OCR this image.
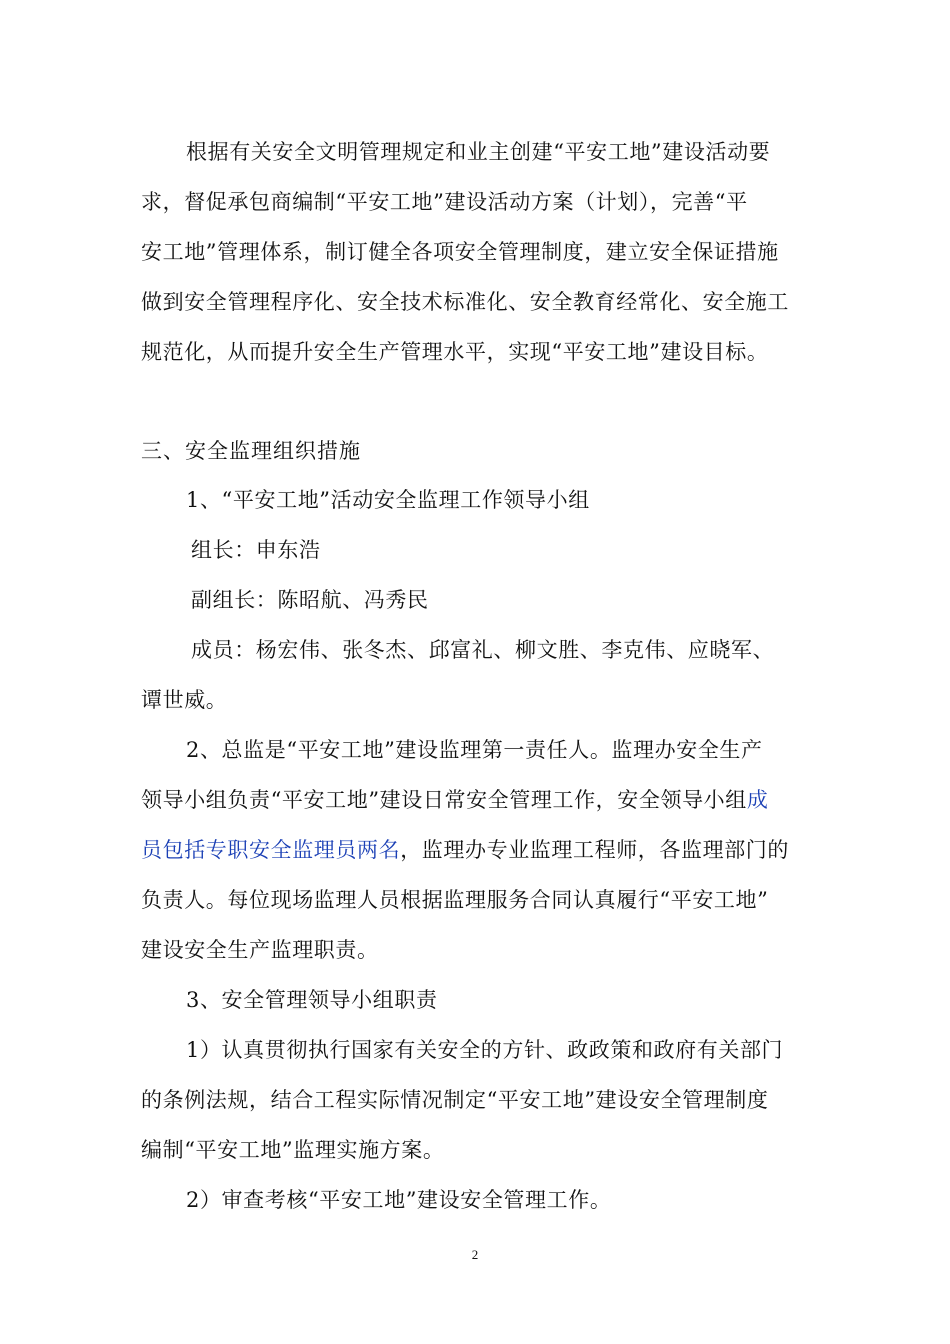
根据有关安全文明管理规定和业主创建“平安工地”建设活动要
求，督促承包商编制“平安工地”建设活动方案（计划），完善“平
安工地”管理体系，制订健全各项安全管理制度，建立安全保证措施
做到安全管理程序化、安全技术标准化、安全教育经常化、安全施工
规范化，从而提升安全生产管理水平，实现“平安工地”建设目标。
三、安全监理组织措施
1、“平安工地”活动安全监理工作领导小组
组长：申东浩
副组长：陈昭航、冯秀民
成员：杨宏伟、张冬杰、邱富礼、柳文胜、李克伟、应晓军、
谭世威。
2、总监是“平安工地”建设监理第一责任人。监理办安全生产
领导小组负责“平安工地”建设日常安全管理工作，安全领导小组成
员包括专职安全监理员两名，监理办专业监理工程师，各监理部门的
负责人。每位现场监理人员根据监理服务合同认真履行“平安工地”
建设安全生产监理职责。
3、安全管理领导小组职责
1）认真贯彻执行国家有关安全的方针、政政策和政府有关部门
的条例法规，结合工程实际情况制定“平安工地”建设安全管理制度
编制“平安工地”监理实施方案。
2）审查考核“平安工地”建设安全管理工作。
2
